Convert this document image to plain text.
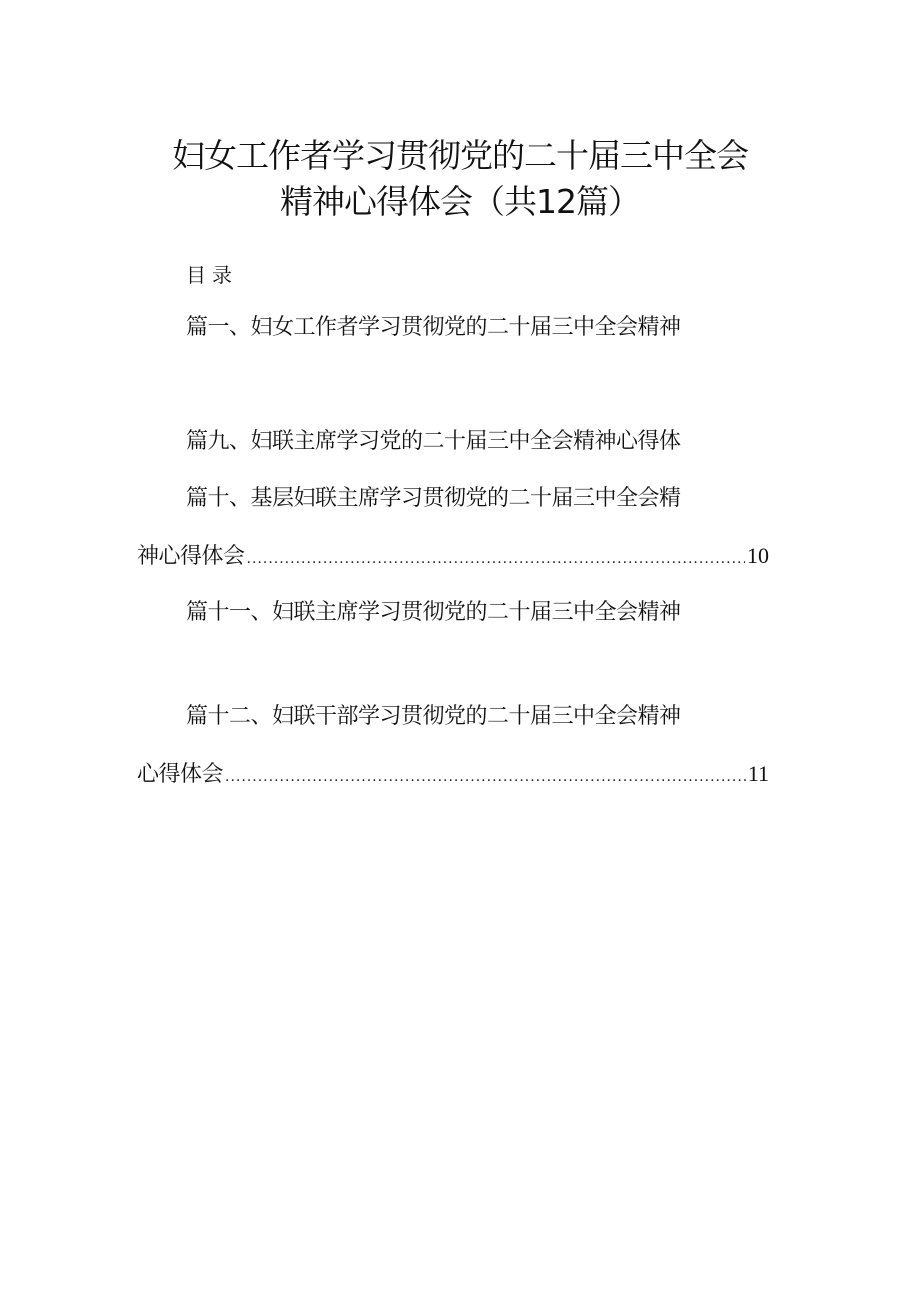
妇女工作者学习贯彻党的二十届三中全会
精神心得体会（共12篇）
目录
篇一、妇女工作者学习贯彻党的二十届三中全会精神
篇九、妇联主席学习党的二十届三中全会精神心得体
篇十、基层妇联主席学习贯彻党的二十届三中全会精
神心得体会 .....	10
篇十一、妇联主席学习贯彻党的二十届三中全会精神
篇十二、妇联干部学习贯彻党的二十届三中全会精神
心得体会 .....	11
